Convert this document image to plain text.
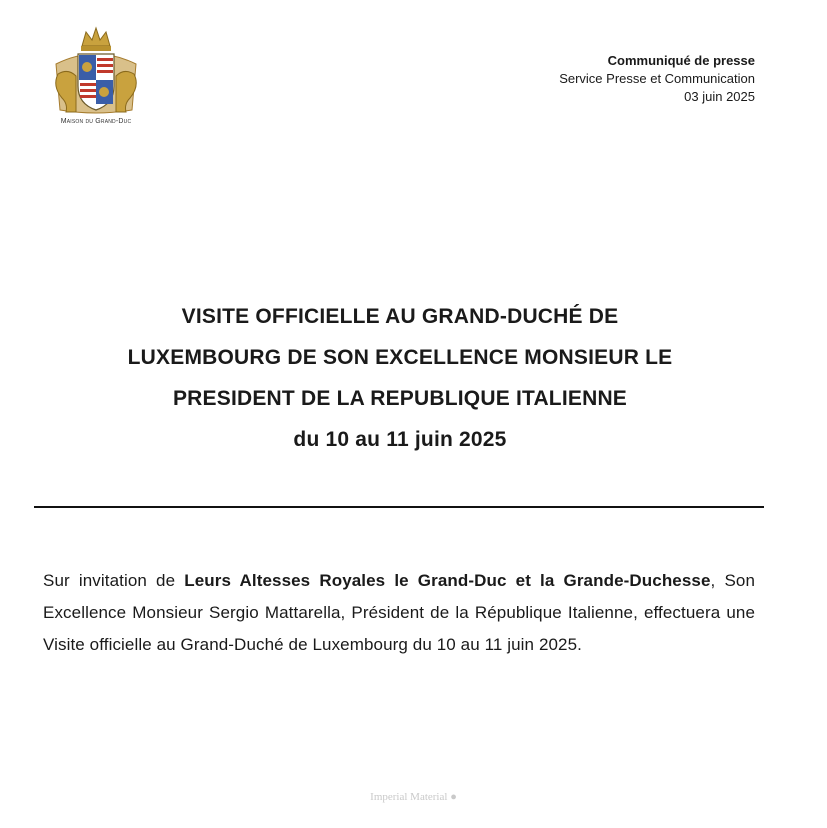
Maison du Grand-Duc
Communiqué de presse
Service Presse et Communication
03 juin 2025
VISITE OFFICIELLE AU GRAND-DUCHÉ DE
LUXEMBOURG DE SON EXCELLENCE MONSIEUR LE
PRESIDENT DE LA REPUBLIQUE ITALIENNE
du 10 au 11 juin 2025
Sur invitation de Leurs Altesses Royales le Grand-Duc et la Grande-Duchesse, Son Excellence Monsieur Sergio Mattarella, Président de la République Italienne, effectuera une Visite officielle au Grand-Duché de Luxembourg du 10 au 11 juin 2025.
Imperial Material ●
